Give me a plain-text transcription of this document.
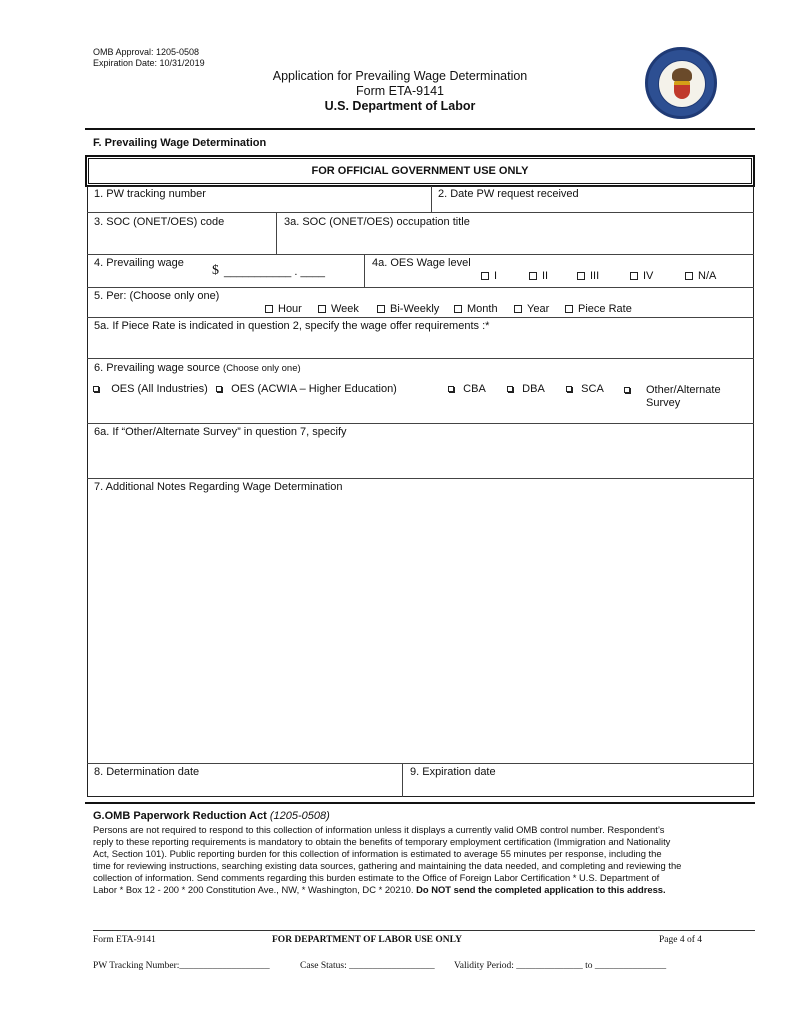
OMB Approval: 1205-0508
Expiration Date: 10/31/2019
Application for Prevailing Wage Determination
Form ETA-9141
U.S. Department of Labor
F. Prevailing Wage Determination
FOR OFFICIAL GOVERNMENT USE ONLY
1. PW tracking number	2. Date PW request received
3. SOC (ONET/OES) code	3a. SOC (ONET/OES) occupation title
4. Prevailing wage $ ___________ . ____
4a. OES Wage level
I	II	III	IV	N/A
5. Per: (Choose only one)
Hour	Week	Bi-Weekly	Month	Year	Piece Rate
5a. If Piece Rate is indicated in question 2, specify the wage offer requirements :*
6. Prevailing wage source (Choose only one)
OES (All Industries)	OES (ACWIA – Higher Education)	CBA	DBA	SCA	Other/Alternate
Survey
6a. If “Other/Alternate Survey” in question 7, specify
7. Additional Notes Regarding Wage Determination
8. Determination date	9. Expiration date
G.OMB Paperwork Reduction Act (1205-0508)
Persons are not required to respond to this collection of information unless it displays a currently valid OMB control number. Respondent’s
reply to these reporting requirements is mandatory to obtain the benefits of temporary employment certification (Immigration and Nationality
Act, Section 101). Public reporting burden for this collection of information is estimated to average 55 minutes per response, including the
time for reviewing instructions, searching existing data sources, gathering and maintaining the data needed, and completing and reviewing the
collection of information. Send comments regarding this burden estimate to the Office of Foreign Labor Certification * U.S. Department of
Labor * Box 12 - 200 * 200 Constitution Ave., NW, * Washington, DC * 20210. Do NOT send the completed application to this address.
Form ETA-9141	FOR DEPARTMENT OF LABOR USE ONLY	Page 4 of 4
PW Tracking Number:___________________	Case Status: __________________ Validity Period: ______________ to _______________
